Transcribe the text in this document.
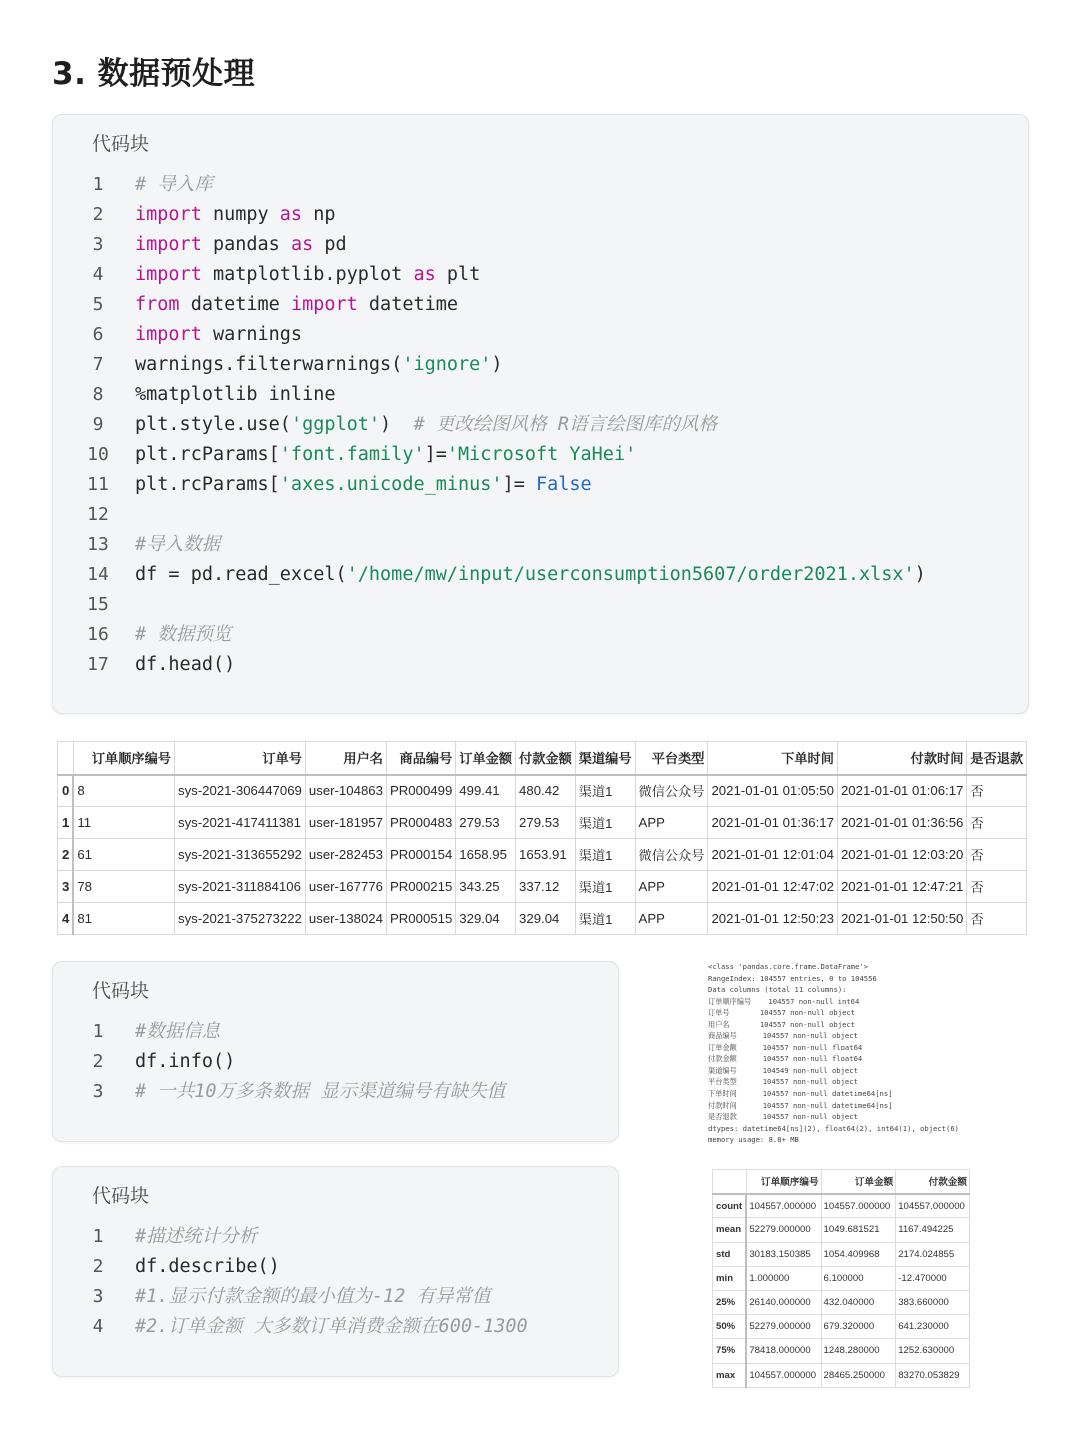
3. 数据预处理
代码块
1	# 导入库
2	import numpy as np
3	import pandas as pd
4	import matplotlib.pyplot as plt
5	from datetime import datetime
6	import warnings
7	warnings.filterwarnings('ignore')
8	%matplotlib inline
9	plt.style.use('ggplot')  # 更改绘图风格 R语言绘图库的风格
10	plt.rcParams['font.family']='Microsoft YaHei'
11	plt.rcParams['axes.unicode_minus']= False
12
13	#导入数据
14	df = pd.read_excel('/home/mw/input/userconsumption5607/order2021.xlsx')
15
16	# 数据预览
17	df.head()
	订单顺序编号	订单号	用户名	商品编号	订单金额	付款金额	渠道编号	平台类型	下单时间	付款时间	是否退款
0	8	sys-2021-306447069	user-104863	PR000499	499.41	480.42	渠道1	微信公众号	2021-01-01 01:05:50	2021-01-01 01:06:17	否
1	11	sys-2021-417411381	user-181957	PR000483	279.53	279.53	渠道1	APP	2021-01-01 01:36:17	2021-01-01 01:36:56	否
2	61	sys-2021-313655292	user-282453	PR000154	1658.95	1653.91	渠道1	微信公众号	2021-01-01 12:01:04	2021-01-01 12:03:20	否
3	78	sys-2021-311884106	user-167776	PR000215	343.25	337.12	渠道1	APP	2021-01-01 12:47:02	2021-01-01 12:47:21	否
4	81	sys-2021-375273222	user-138024	PR000515	329.04	329.04	渠道1	APP	2021-01-01 12:50:23	2021-01-01 12:50:50	否
代码块
1	#数据信息
2	df.info()
3	# 一共10万多条数据 显示渠道编号有缺失值
<class 'pandas.core.frame.DataFrame'>
RangeIndex: 104557 entries, 0 to 104556
Data columns (total 11 columns):
订单顺序编号    104557 non-null int64
订单号       104557 non-null object
用户名       104557 non-null object
商品编号      104557 non-null object
订单金额      104557 non-null float64
付款金额      104557 non-null float64
渠道编号      104549 non-null object
平台类型      104557 non-null object
下单时间      104557 non-null datetime64[ns]
付款时间      104557 non-null datetime64[ns]
是否退款      104557 non-null object
dtypes: datetime64[ns](2), float64(2), int64(1), object(6)
memory usage: 8.8+ MB
代码块
1	#描述统计分析
2	df.describe()
3	#1.显示付款金额的最小值为-12 有异常值
4	#2.订单金额 大多数订单消费金额在600-1300
	订单顺序编号	订单金额	付款金额
count	104557.000000	104557.000000	104557.000000
mean	52279.000000	1049.681521	1167.494225
std	30183.150385	1054.409968	2174.024855
min	1.000000	6.100000	-12.470000
25%	26140.000000	432.040000	383.660000
50%	52279.000000	679.320000	641.230000
75%	78418.000000	1248.280000	1252.630000
max	104557.000000	28465.250000	83270.053829
